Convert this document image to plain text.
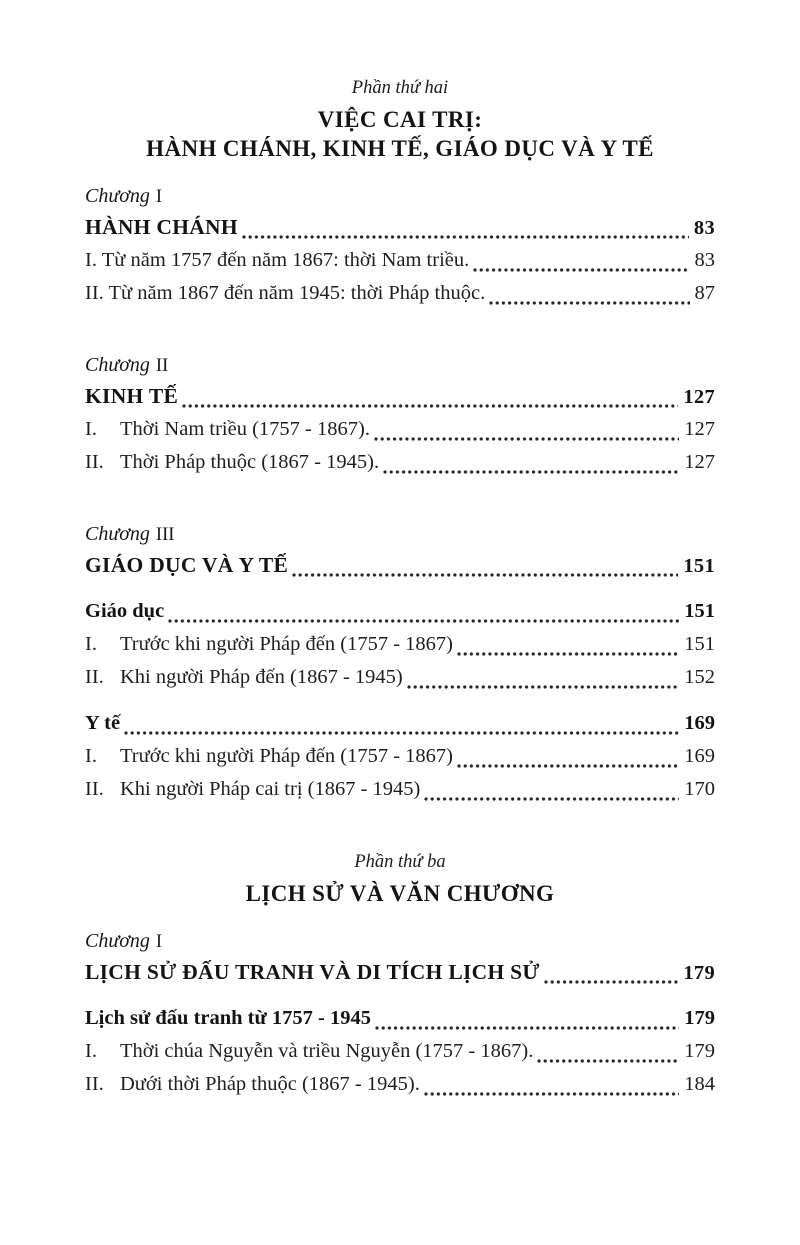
Phần thứ hai
VIỆC CAI TRỊ:
HÀNH CHÁNH, KINH TẾ, GIÁO DỤC VÀ Y TẾ
Chương I
HÀNH CHÁNH	83
I. Từ năm 1757 đến năm 1867: thời Nam triều.	83
II. Từ năm 1867 đến năm 1945: thời Pháp thuộc.	87
Chương II
KINH TẾ	127
I.	Thời Nam triều (1757 - 1867).	127
II. Thời Pháp thuộc (1867 - 1945).	127
Chương III
GIÁO DỤC VÀ Y TẾ	151
Giáo dục	151
I.	Trước khi người Pháp đến (1757 - 1867)	151
II. Khi người Pháp đến (1867 - 1945)	152
Y tế	169
I.	Trước khi người Pháp đến (1757 - 1867)	169
II. Khi người Pháp cai trị (1867 - 1945)	170
Phần thứ ba
LỊCH SỬ VÀ VĂN CHƯƠNG
Chương I
LỊCH SỬ ĐẤU TRANH VÀ DI TÍCH LỊCH SỬ	179
Lịch sử đấu tranh từ 1757 - 1945	179
I.	Thời chúa Nguyễn và triều Nguyễn (1757 - 1867).	179
II. Dưới thời Pháp thuộc (1867 - 1945).	184
